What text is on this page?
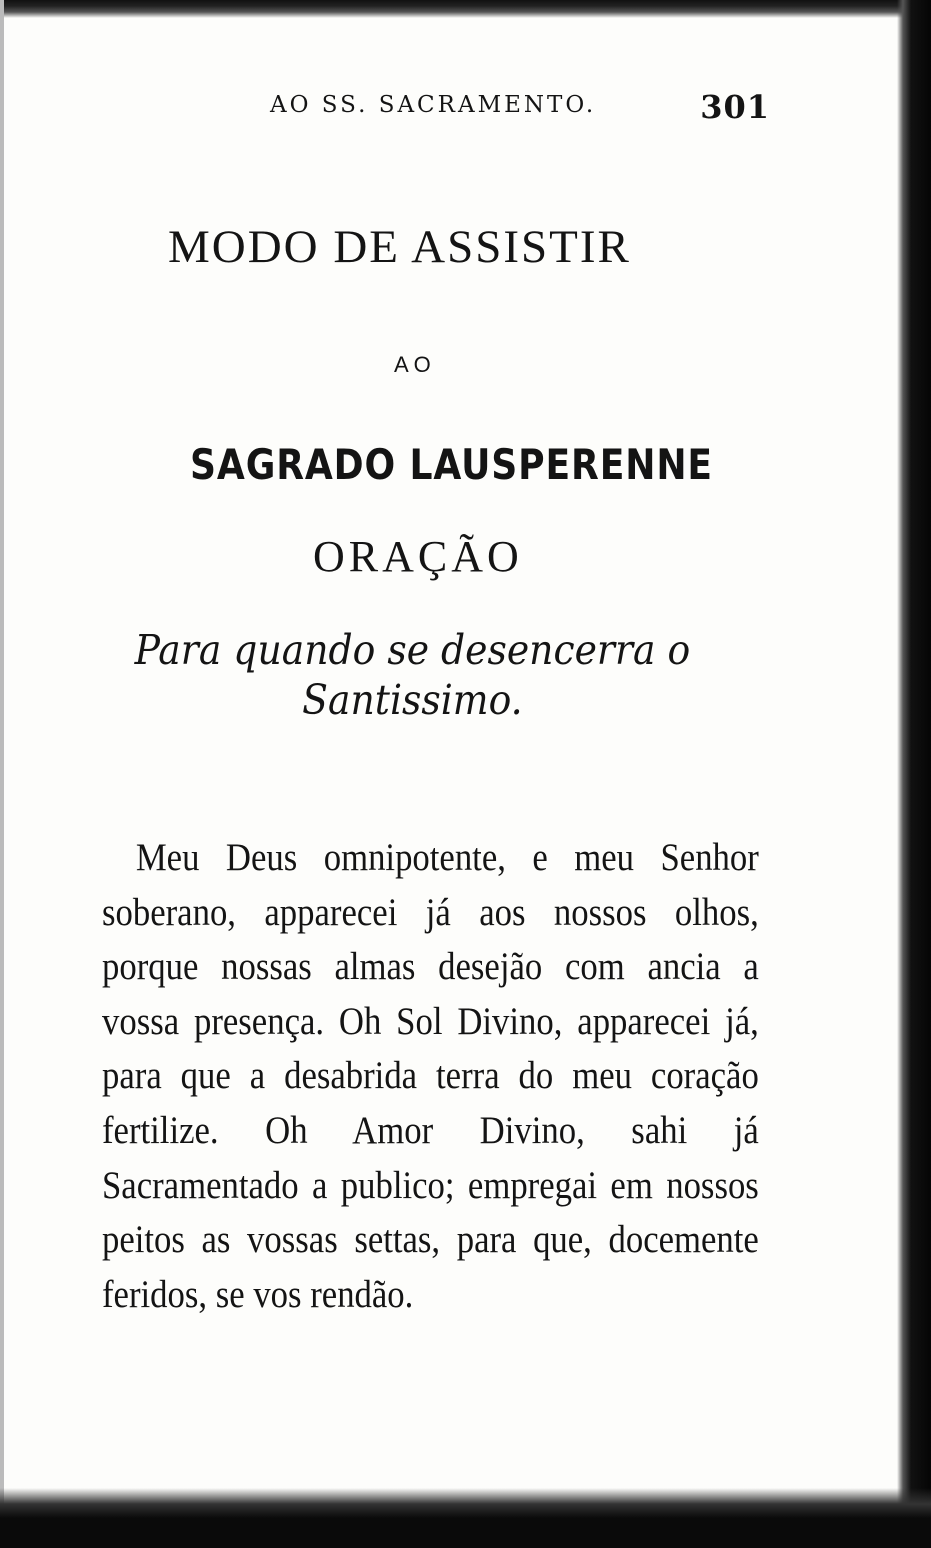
AO SS. SACRAMENTO.	301
MODO DE ASSISTIR
AO
SAGRADO LAUSPERENNE
ORAÇÃO
Para quando se desencerra o Santissimo.

Meu Deus omnipotente, e meu Senhor soberano, apparecei já aos nossos olhos, porque nossas almas desejão com ancia a vossa presença. Oh Sol Divino, apparecei já, para que a desabrida terra do meu coração fertilize. Oh Amor Divino, sahi já Sacramentado a publico; empregai em nossos peitos as vossas settas, para que, docemente feridos, se vos rendão.
